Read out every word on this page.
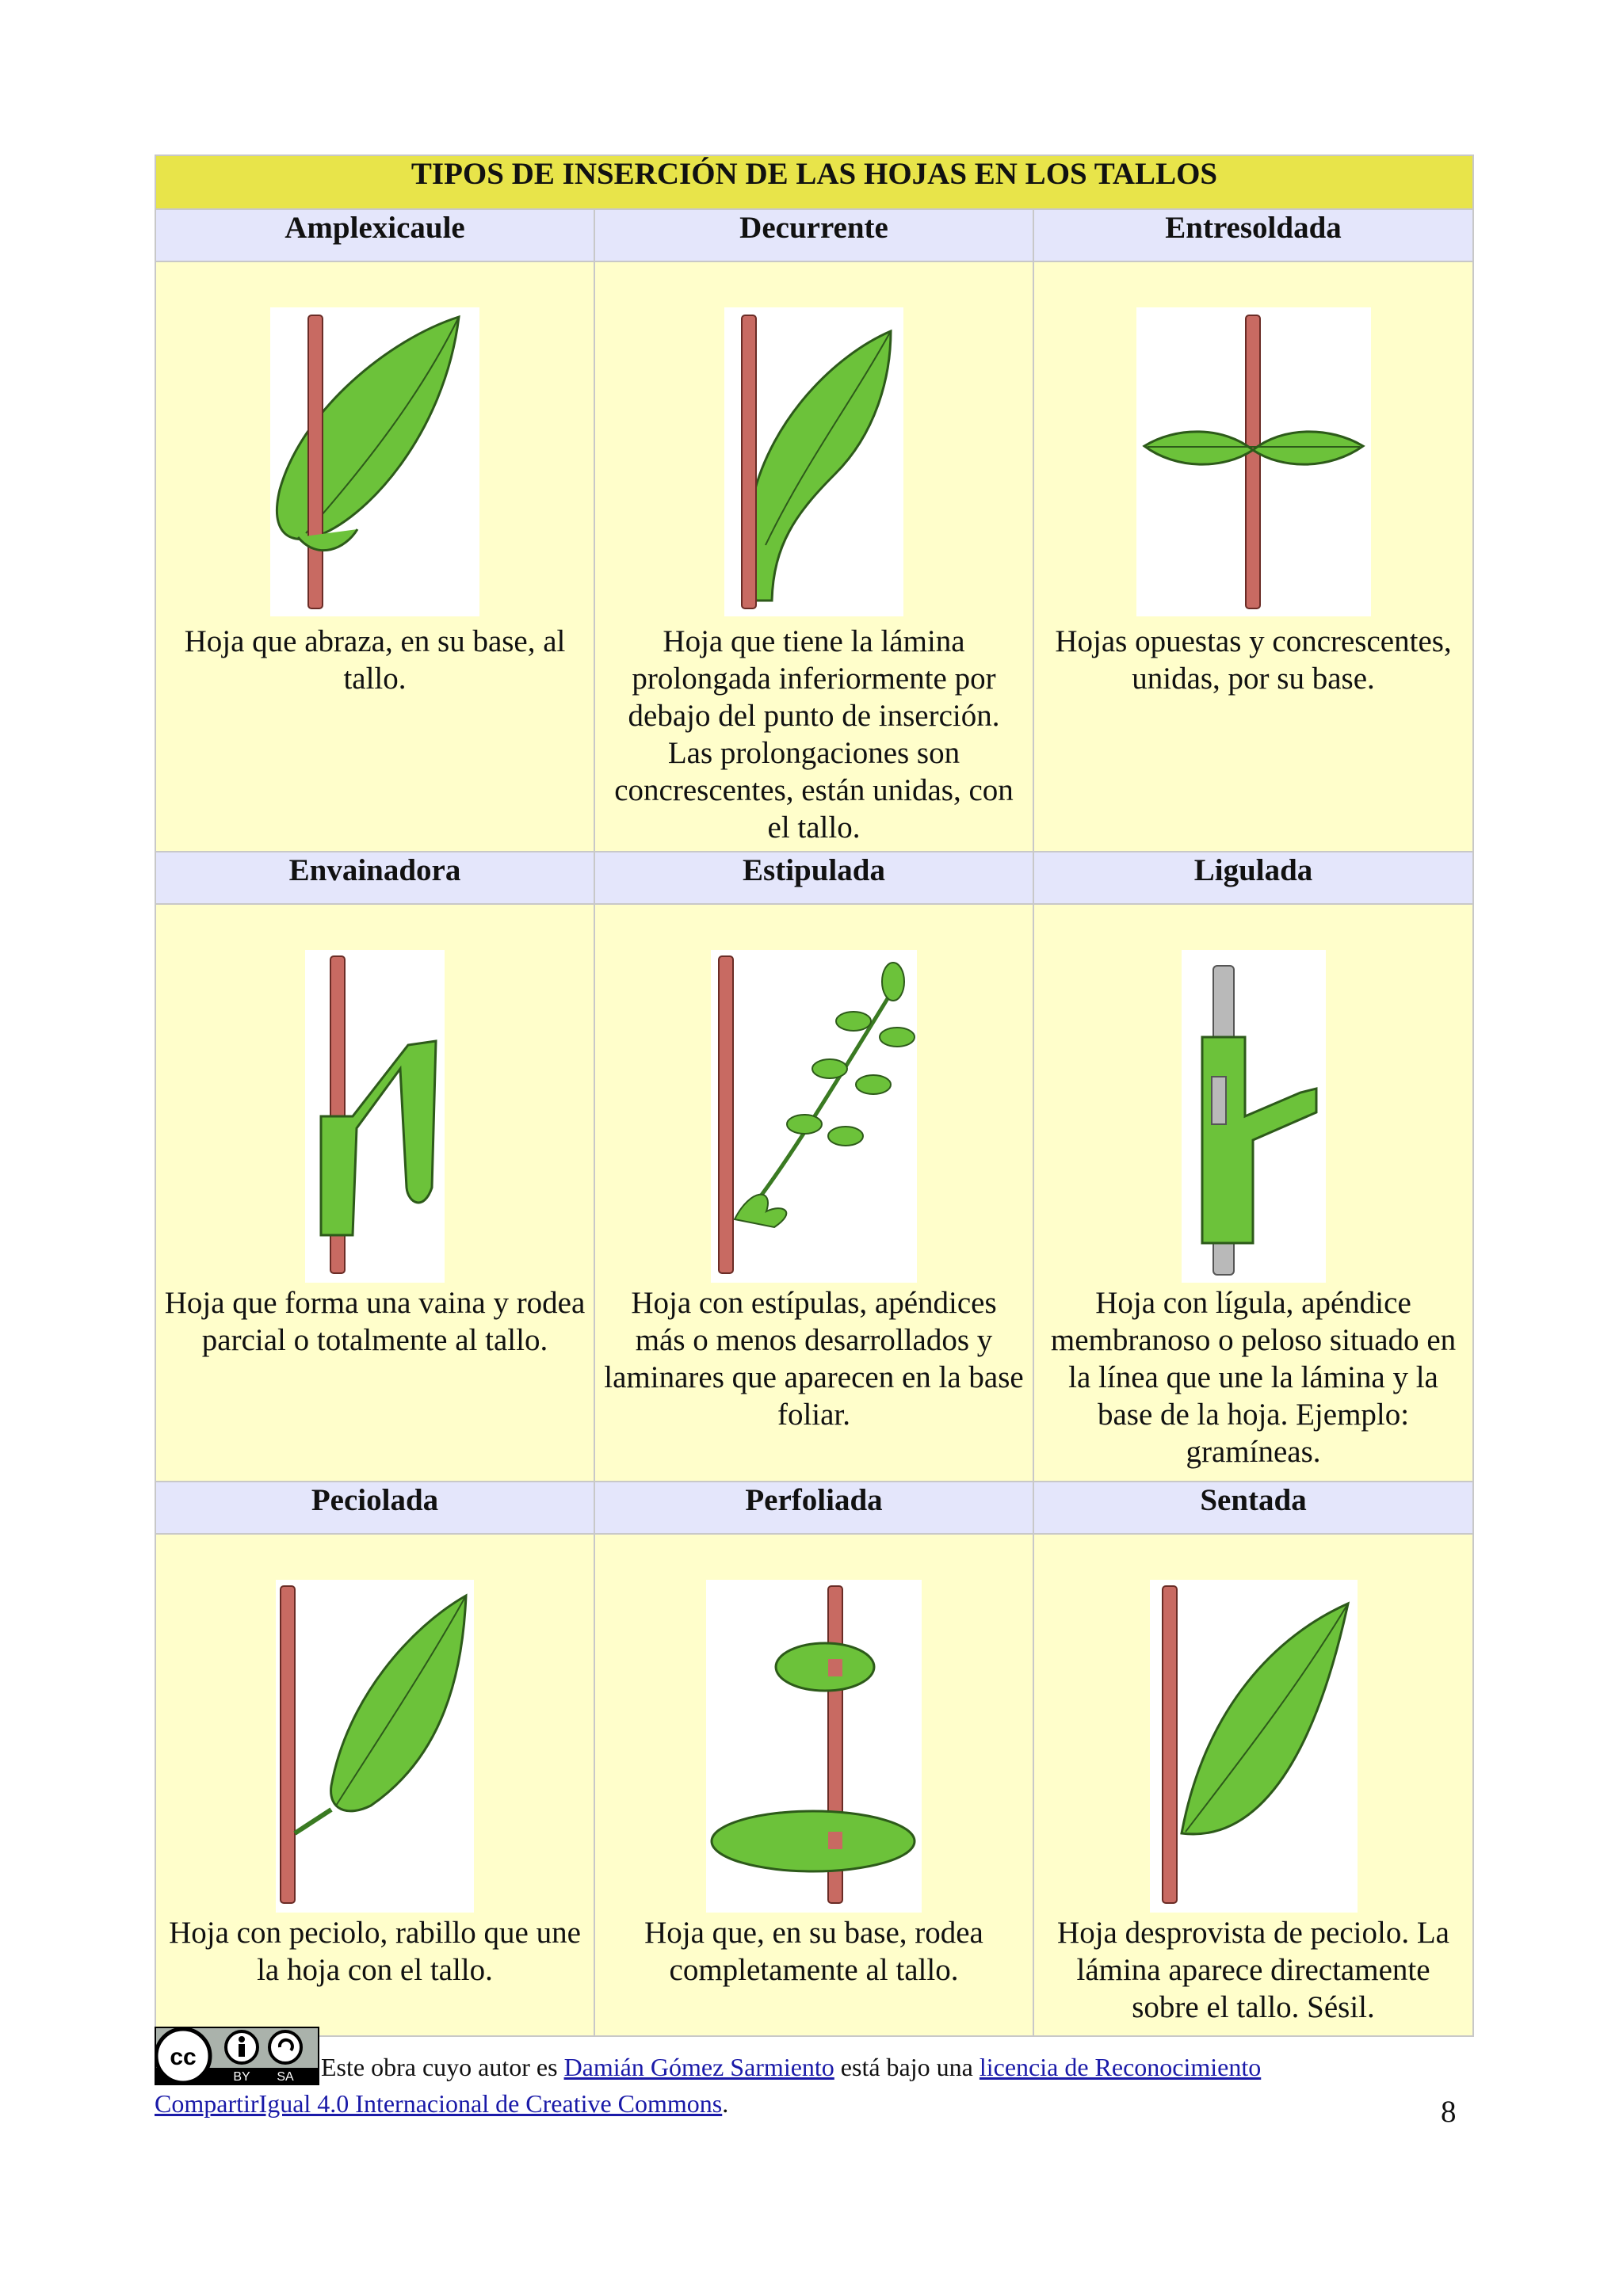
TIPOS DE INSERCIÓN DE LAS HOJAS EN LOS TALLOS		
Amplexicaule	Decurrente	Entresoldada

Hoja que abraza, en su base, al tallo.	Hoja que tiene la lámina prolongada inferiormente por debajo del punto de inserción. Las prolongaciones son concrescentes, están unidas, con el tallo.	Hojas opuestas y concrescentes, unidas, por su base.

Envainadora	Estipulada	Ligulada

Hoja que forma una vaina y rodea parcial o totalmente al tallo.	Hoja con estípulas, apéndices más o menos desarrollados y laminares que aparecen en la base foliar.	Hoja con lígula, apéndice membranoso o peloso situado en la línea que une la lámina y la base de la hoja. Ejemplo: gramíneas.

Peciolada	Perfoliada	Sentada

Hoja con peciolo, rabillo que une la hoja con el tallo.	Hoja que, en su base, rodea completamente al tallo.	Hoja desprovista de peciolo. La lámina aparece directamente sobre el tallo. Sésil.
cc
BY SA Este obra cuyo autor es Damián Gómez Sarmiento está bajo una licencia de Reconocimiento CompartirIgual 4.0 Internacional de Creative Commons.	8
